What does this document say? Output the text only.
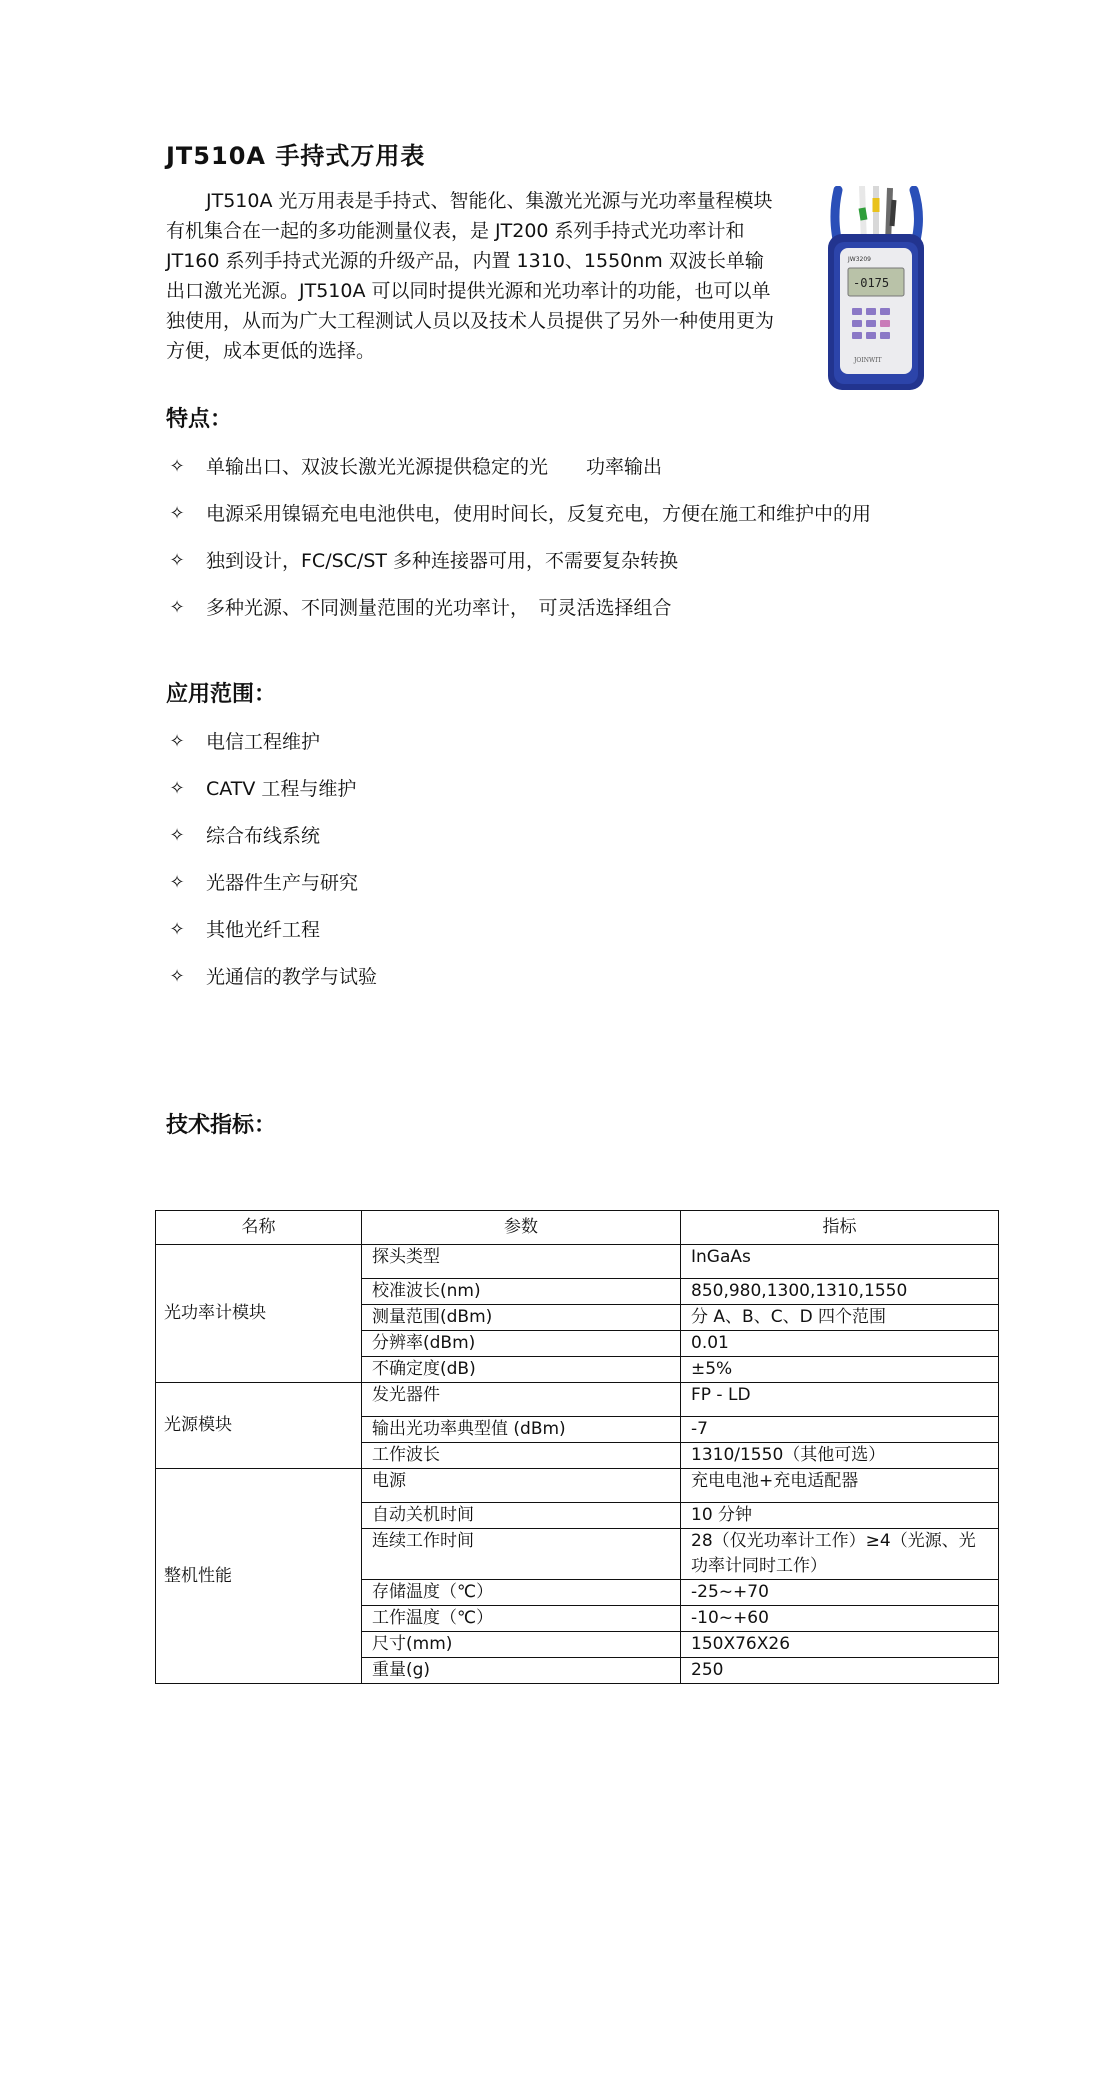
JT510A 手持式万用表

JT510A 光万用表是手持式、智能化、集激光光源与光功率量程模块有机集合在一起的多功能测量仪表，是 JT200 系列手持式光功率计和 JT160 系列手持式光源的升级产品，内置 1310、1550nm 双波长单输出口激光光源。JT510A 可以同时提供光源和光功率计的功能，也可以单独使用，从而为广大工程测试人员以及技术人员提供了另外一种使用更为方便，成本更低的选择。

JW3209
-0175
JOINWIT
特点：
✧ 单输出口、双波长激光光源提供稳定的光　　功率输出
✧ 电源采用镍镉充电电池供电，使用时间长，反复充电，方便在施工和维护中的用
✧ 独到设计，FC/SC/ST 多种连接器可用，不需要复杂转换
✧ 多种光源、不同测量范围的光功率计，　可灵活选择组合
应用范围：
✧ 电信工程维护
✧ CATV 工程与维护
✧ 综合布线系统
✧ 光器件生产与研究
✧ 其他光纤工程
✧ 光通信的教学与试验
技术指标：
名称	参数	指标
光功率计模块	探头类型	InGaAs
	校准波长(nm)	850,980,1300,1310,1550
	测量范围(dBm)	分 A、B、C、D 四个范围
	分辨率(dBm)	0.01
	不确定度(dB)	±5%
光源模块	发光器件	FP - LD
	输出光功率典型值 (dBm)	-7
	工作波长	1310/1550（其他可选）
整机性能	电源	充电电池+充电适配器
	自动关机时间	10 分钟
	连续工作时间	28（仅光功率计工作）≥4（光源、光功率计同时工作）
	存储温度（℃）	-25~+70
	工作温度（℃）	-10~+60
	尺寸(mm)	150X76X26
	重量(g)	250
